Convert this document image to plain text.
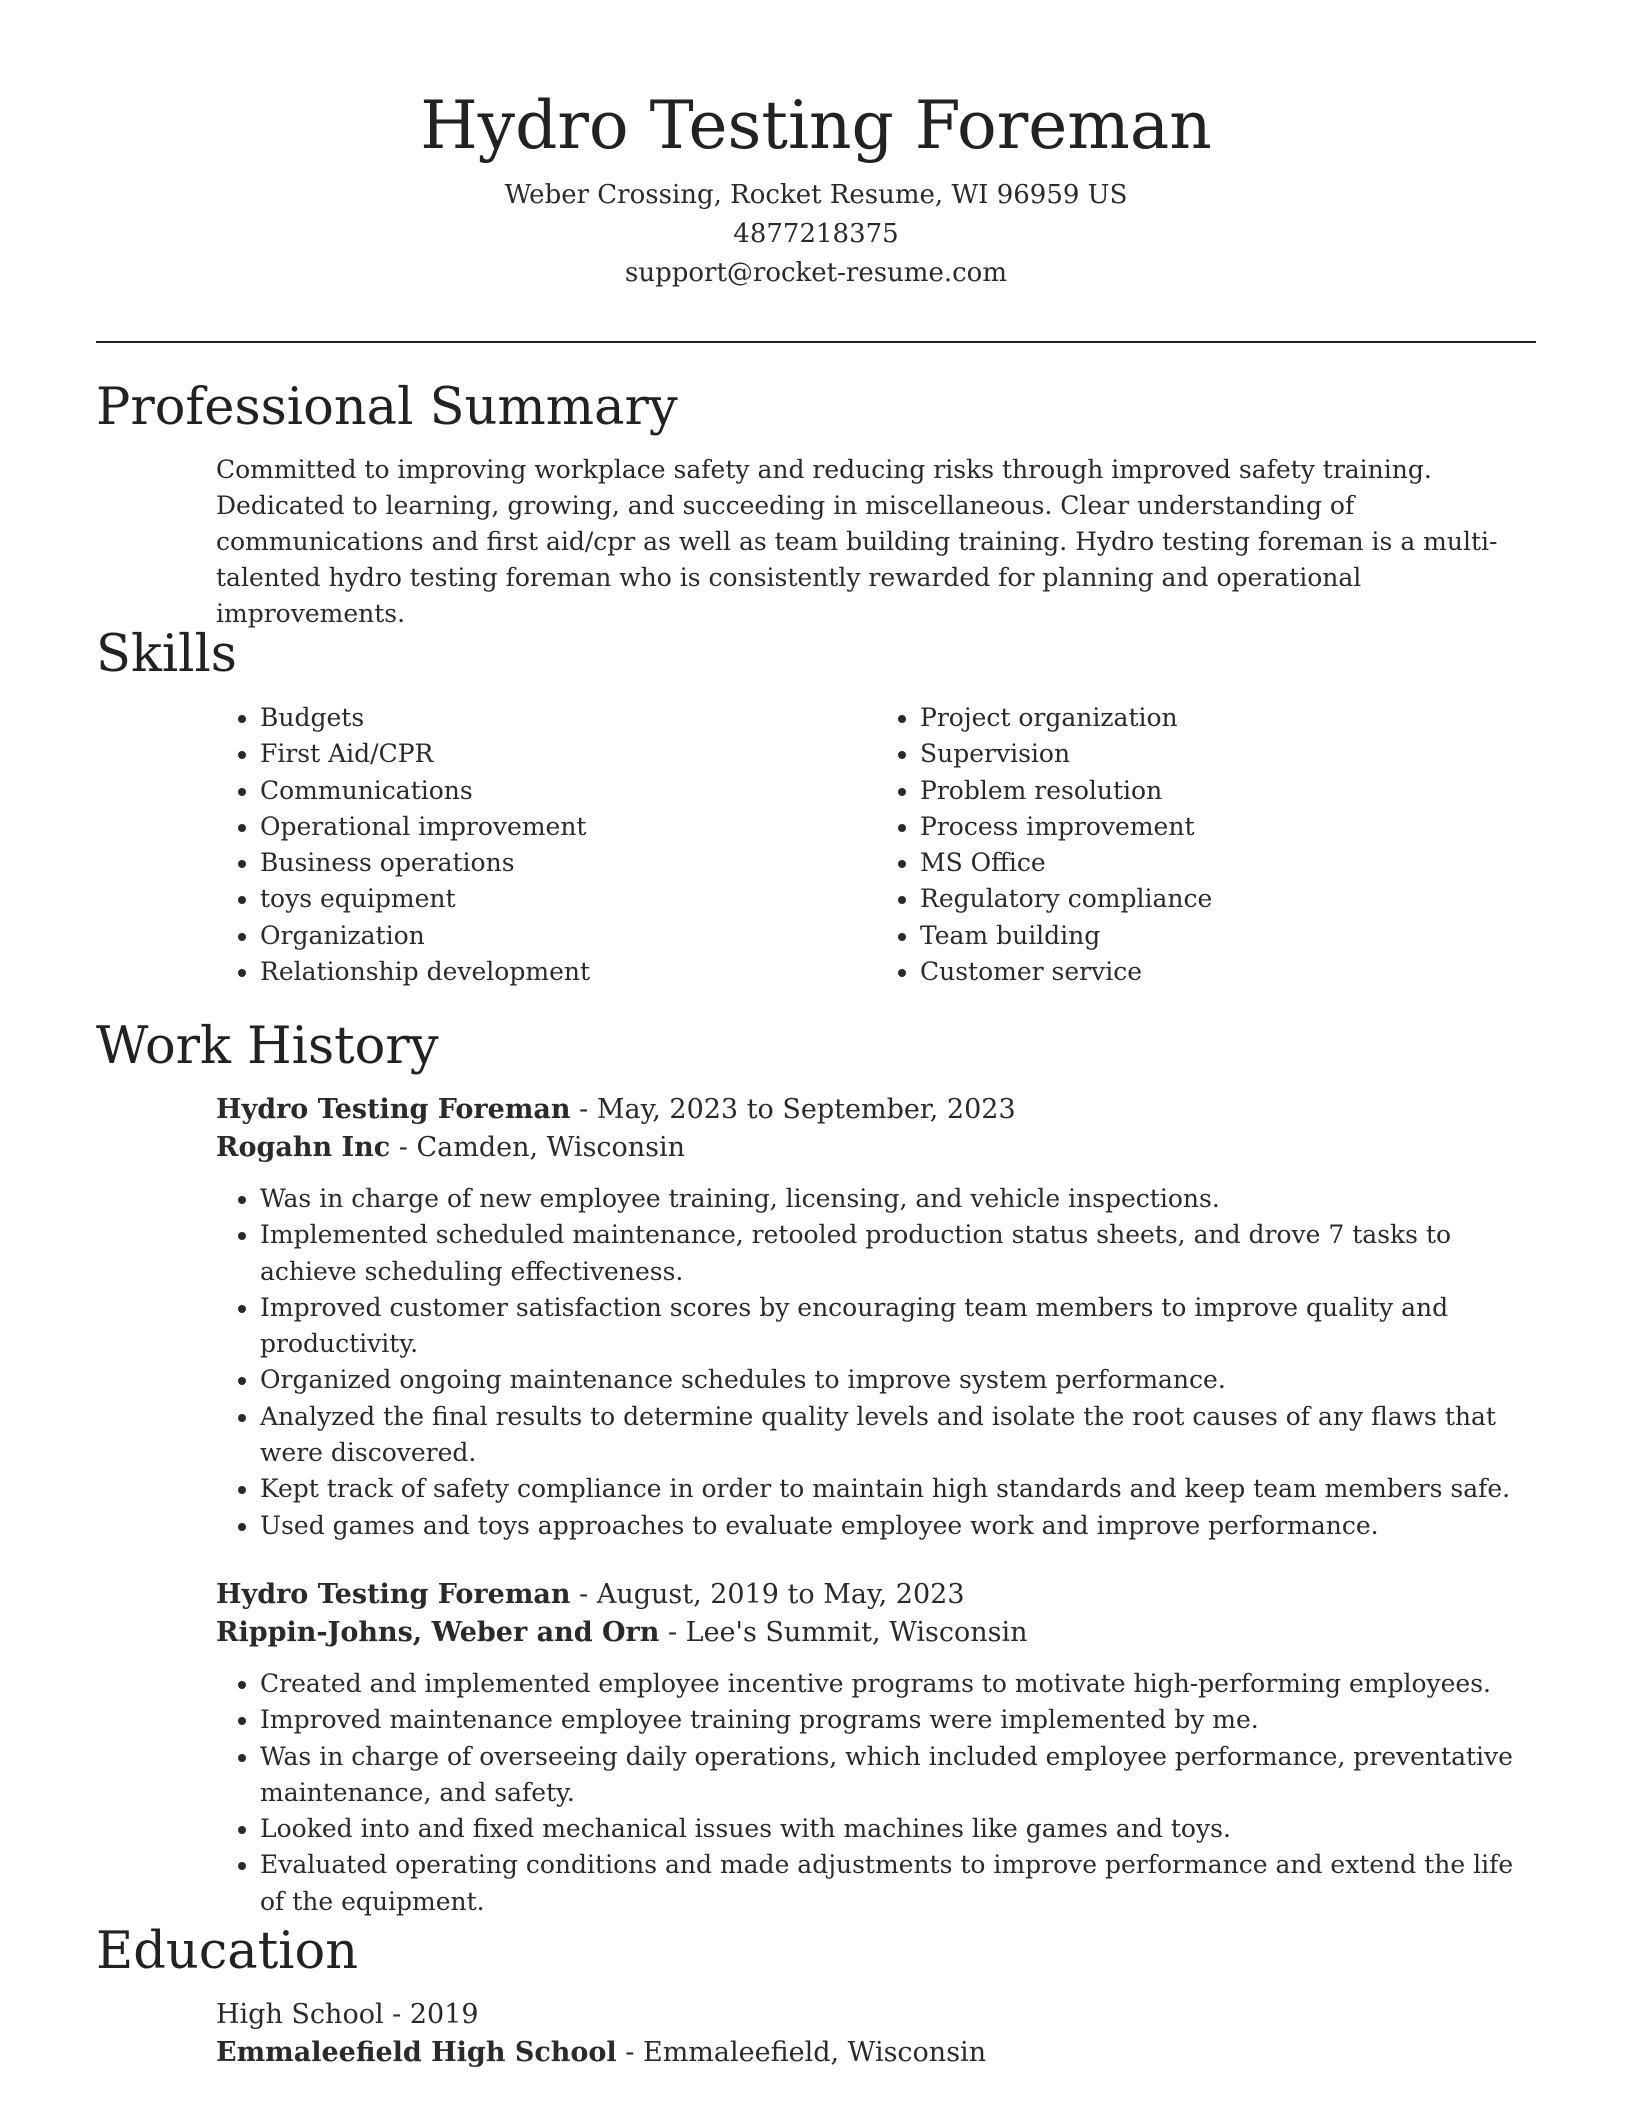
Hydro Testing Foreman
Weber Crossing, Rocket Resume, WI 96959 US
4877218375
support@rocket-resume.com
Professional Summary

Committed to improving workplace safety and reducing risks through improved safety training. Dedicated to learning, growing, and succeeding in miscellaneous. Clear understanding of communications and first aid/cpr as well as team building training. Hydro testing foreman is a multi-talented hydro testing foreman who is consistently rewarded for planning and operational improvements.

Skills
• Budgets
• First Aid/CPR
• Communications
• Operational improvement
• Business operations
• toys equipment
• Organization
• Relationship development
• Project organization
• Supervision
• Problem resolution
• Process improvement
• MS Office
• Regulatory compliance
• Team building
• Customer service
Work History
Hydro Testing Foreman - May, 2023 to September, 2023
Rogahn Inc - Camden, Wisconsin
• Was in charge of new employee training, licensing, and vehicle inspections.
• Implemented scheduled maintenance, retooled production status sheets, and drove 7 tasks to achieve scheduling effectiveness.
• Improved customer satisfaction scores by encouraging team members to improve quality and productivity.
• Organized ongoing maintenance schedules to improve system performance.
• Analyzed the final results to determine quality levels and isolate the root causes of any flaws that were discovered.
• Kept track of safety compliance in order to maintain high standards and keep team members safe.
• Used games and toys approaches to evaluate employee work and improve performance.
Hydro Testing Foreman - August, 2019 to May, 2023
Rippin-Johns, Weber and Orn - Lee's Summit, Wisconsin
• Created and implemented employee incentive programs to motivate high-performing employees.
• Improved maintenance employee training programs were implemented by me.
• Was in charge of overseeing daily operations, which included employee performance, preventative maintenance, and safety.
• Looked into and fixed mechanical issues with machines like games and toys.
• Evaluated operating conditions and made adjustments to improve performance and extend the life of the equipment.
Education
High School - 2019
Emmaleefield High School - Emmaleefield, Wisconsin
